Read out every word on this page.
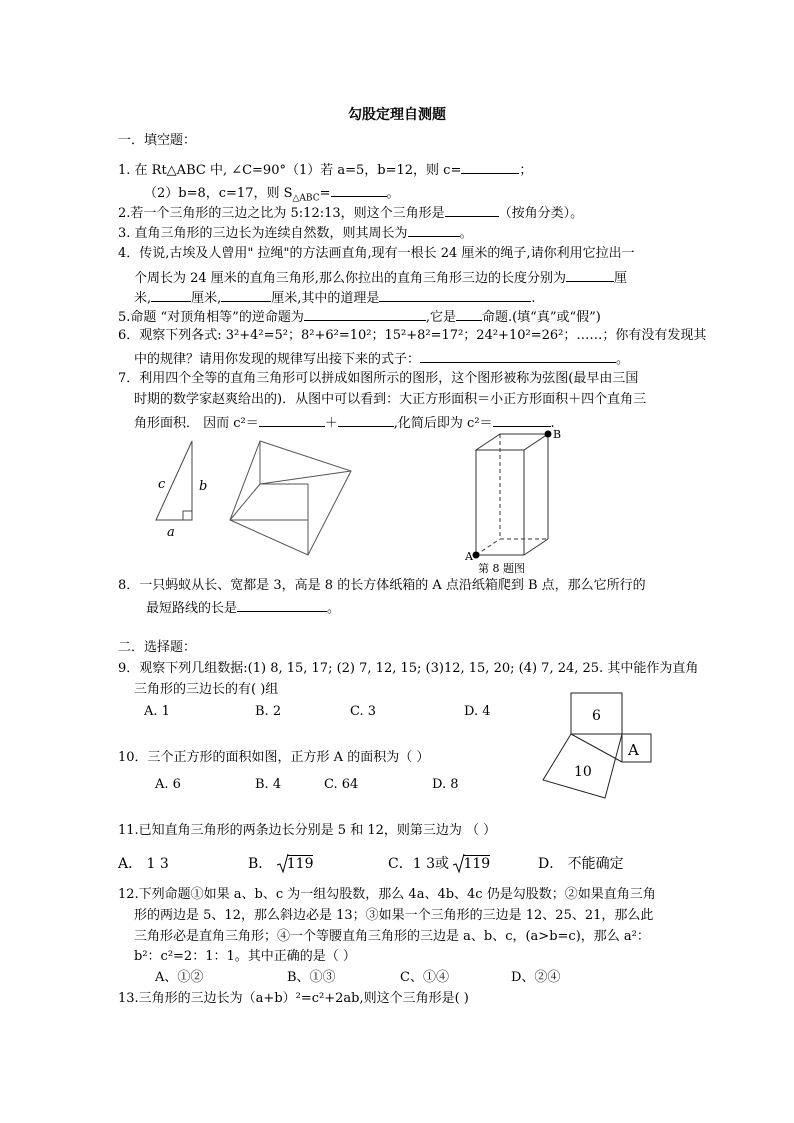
勾股定理自测题
一．填空题：
1. 在 Rt△ABC 中, ∠C=90°（1）若 a=5，b=12，则 c=	；
（2）b=8，c=17，则 $S_{\triangle ABC}=$	。
2.若一个三角形的三边之比为 5:12:13，则这个三角形是	（按角分类）。
3. 直角三角形的三边长为连续自然数，则其周长为	。
4．传说,古埃及人曾用" 拉绳"的方法画直角,现有一根长 24 厘米的绳子,请你利用它拉出一
个周长为 24 厘米的直角三角形,那么你拉出的直角三角形三边的长度分别为	厘
米,	厘米,	厘米,其中的道理是	.
5.命题 “对顶角相等”的逆命题为	,它是 命题.(填“真”或“假”)
6．观察下列各式: 3²+4²=5²；8²+6²=10²；15²+8²=17²；24²+10²=26²；……；你有没有发现其
中的规律？请用你发现的规律写出接下来的式子：	。
7．利用四个全等的直角三角形可以拼成如图所示的图形，这个图形被称为弦图(最早由三国
时期的数学家赵爽给出的)．从图中可以看到：大正方形面积＝小正方形面积＋四个直角三
角形面积． 因而 c²＝	＋	,化简后即为 c²＝	.
c	b
a
A
B
第 8 题图
8．一只蚂蚁从长、宽都是 3，高是 8 的长方体纸箱的 A 点沿纸箱爬到 B 点，那么它所行的
最短路线的长是	。
二．选择题：
9．观察下列几组数据:(1) 8, 15, 17; (2) 7, 12, 15; (3)12, 15, 20; (4) 7, 24, 25. 其中能作为直角
三角形的三边长的有( )组
A. 1	B. 2	C. 3	D. 4	6
10
A
10．三个正方形的面积如图，正方形 A 的面积为（ ）
A. 6	B. 4	C. 64	D. 8
11.已知直角三角形的两条边长分别是 5 和 12，则第三边为 （ ）
A． 1 3	B． 119	C．1 3或 119	D． 不能确定
12.下列命题①如果 a、b、c 为一组勾股数，那么 4a、4b、4c 仍是勾股数；②如果直角三角
形的两边是 5、12，那么斜边必是 13；③如果一个三角形的三边是 12、25、21，那么此
三角形必是直角三角形；④一个等腰直角三角形的三边是 a、b、c，(a>b=c)，那么 a²：
b²：c²=2：1：1。其中正确的是（ ）
A、①②	B、①③	C、①④	D、②④
13.三角形的三边长为（a+b）²=c²+2ab,则这个三角形是( )
